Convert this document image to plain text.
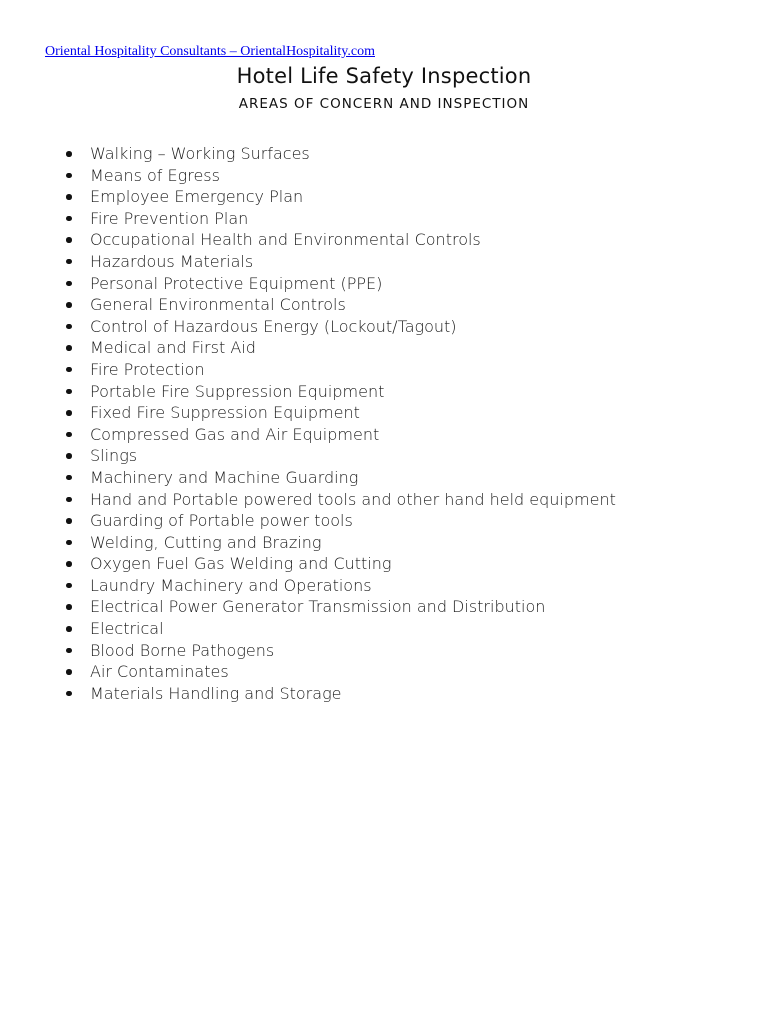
Oriental Hospitality Consultants – OrientalHospitality.com
Hotel Life Safety Inspection
AREAS OF CONCERN AND INSPECTION
Walking – Working Surfaces
Means of Egress
Employee Emergency Plan
Fire Prevention Plan
Occupational Health and Environmental Controls
Hazardous Materials
Personal Protective Equipment (PPE)
General Environmental Controls
Control of Hazardous Energy (Lockout/Tagout)
Medical and First Aid
Fire Protection
Portable Fire Suppression Equipment
Fixed Fire Suppression Equipment
Compressed Gas and Air Equipment
Slings
Machinery and Machine Guarding
Hand and Portable powered tools and other hand held equipment
Guarding of Portable power tools
Welding, Cutting and Brazing
Oxygen Fuel Gas Welding and Cutting
Laundry Machinery and Operations
Electrical Power Generator Transmission and Distribution
Electrical
Blood Borne Pathogens
Air Contaminates
Materials Handling and Storage
